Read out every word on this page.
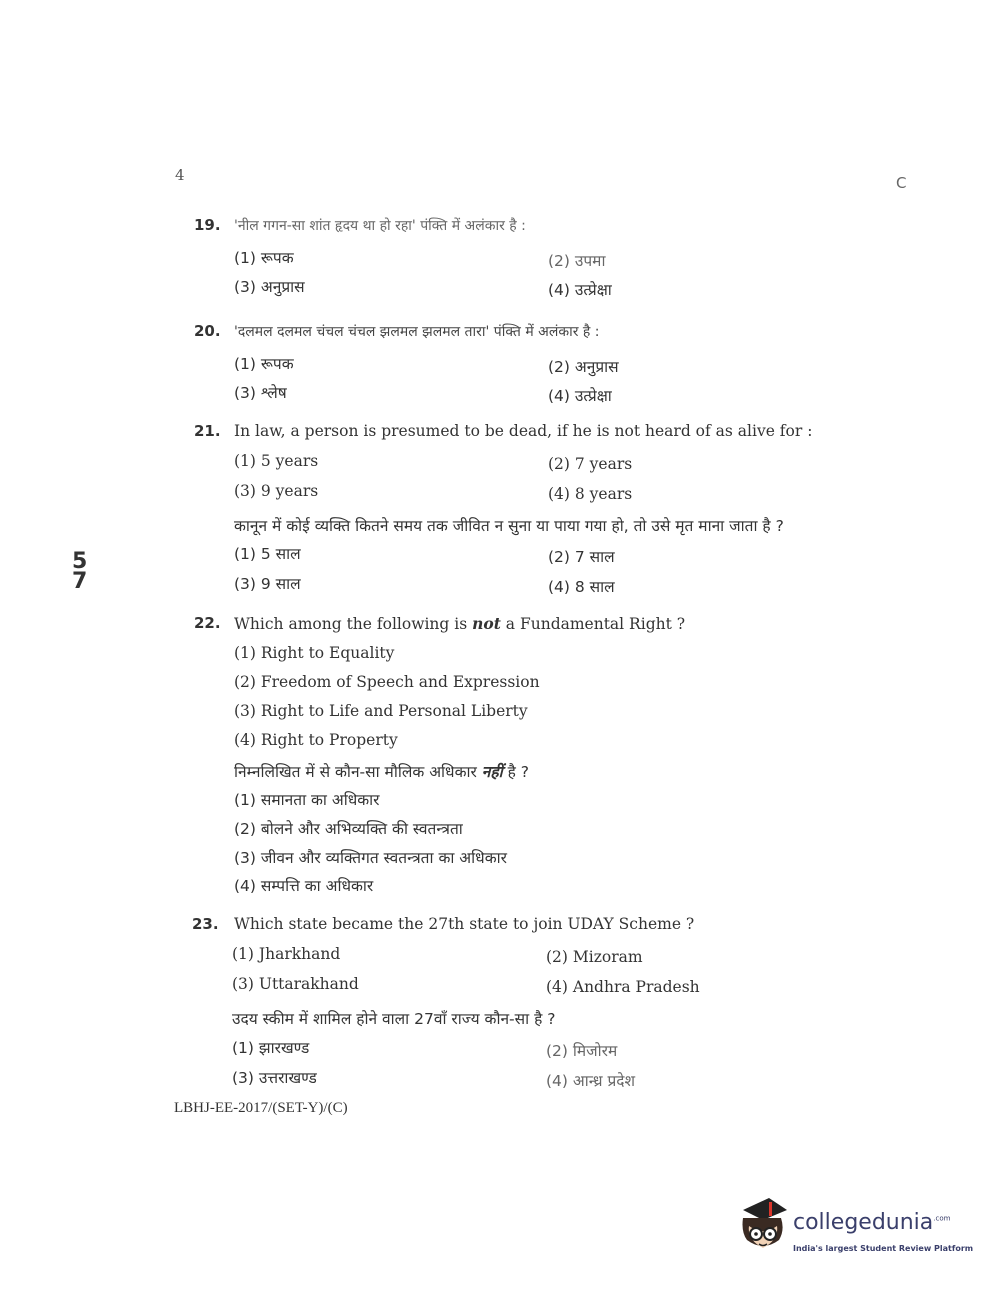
4	C
5
7
19. 'नील गगन-सा शांत हृदय था हो रहा' पंक्ति में अलंकार है :
(1) रूपक	(2) उपमा
(3) अनुप्रास	(4) उत्प्रेक्षा
20. 'दलमल दलमल चंचल चंचल झलमल झलमल तारा' पंक्ति में अलंकार है :
(1) रूपक	(2) अनुप्रास
(3) श्लेष	(4) उत्प्रेक्षा
21. In law, a person is presumed to be dead, if he is not heard of as alive for :
(1) 5 years	(2) 7 years
(3) 9 years	(4) 8 years
कानून में कोई व्यक्ति कितने समय तक जीवित न सुना या पाया गया हो, तो उसे मृत माना जाता है ?
(1) 5 साल	(2) 7 साल
(3) 9 साल	(4) 8 साल
22. Which among the following is not a Fundamental Right ?
(1) Right to Equality
(2) Freedom of Speech and Expression
(3) Right to Life and Personal Liberty
(4) Right to Property
निम्नलिखित में से कौन-सा मौलिक अधिकार नहीं है ?
(1) समानता का अधिकार
(2) बोलने और अभिव्यक्ति की स्वतन्त्रता
(3) जीवन और व्यक्तिगत स्वतन्त्रता का अधिकार
(4) सम्पत्ति का अधिकार
23. Which state became the 27th state to join UDAY Scheme ?
(1) Jharkhand	(2) Mizoram
(3) Uttarakhand	(4) Andhra Pradesh
उदय स्कीम में शामिल होने वाला 27वाँ राज्य कौन-सा है ?
(1) झारखण्ड	(2) मिजोरम
(3) उत्तराखण्ड	(4) आन्ध्र प्रदेश
LBHJ-EE-2017/(SET-Y)/(C)
collegedunia$^{.com}$
India's largest Student Review Platform
